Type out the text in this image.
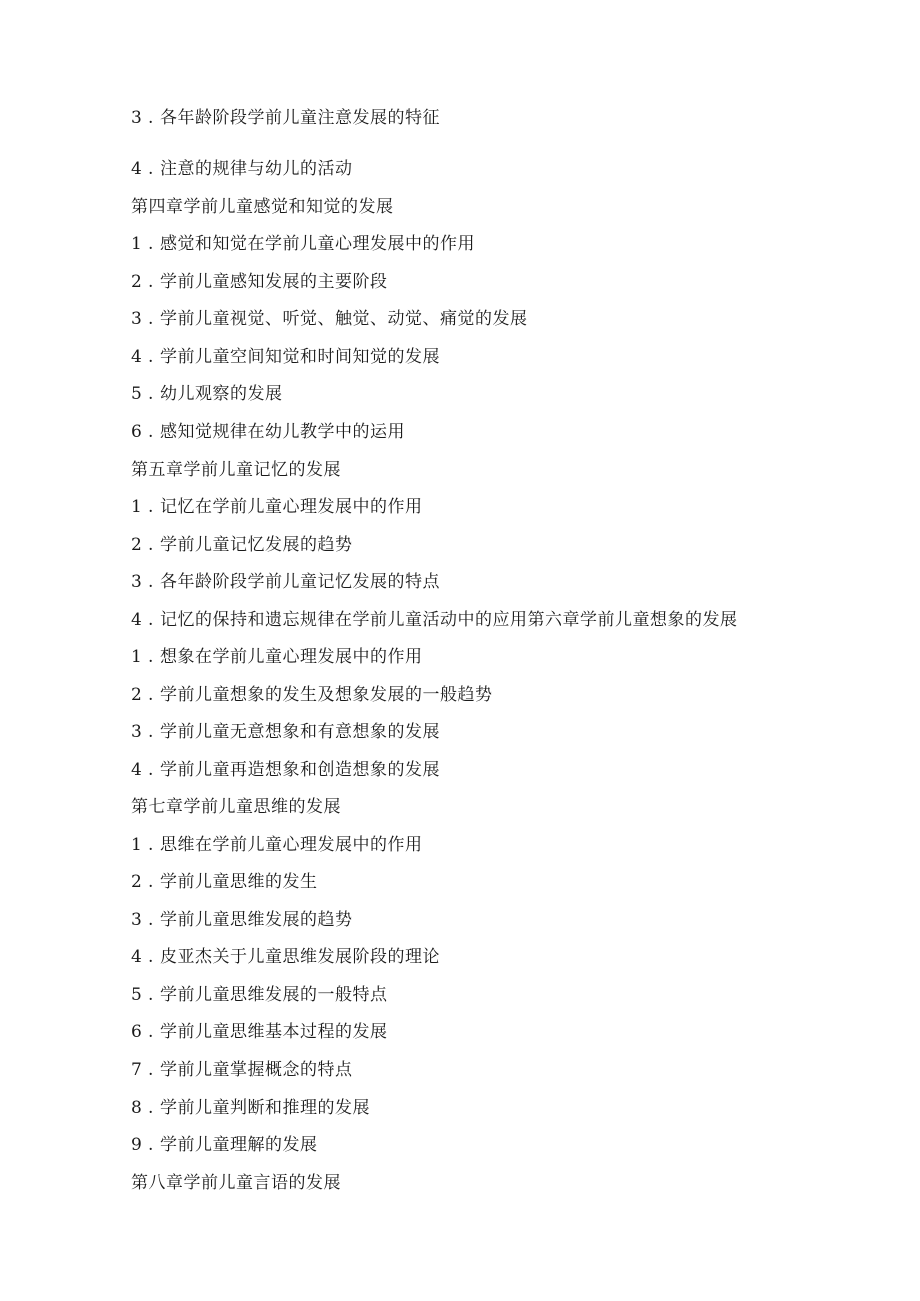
3 . 各年龄阶段学前儿童注意发展的特征
4 . 注意的规律与幼儿的活动
第四章学前儿童感觉和知觉的发展
1 . 感觉和知觉在学前儿童心理发展中的作用
2 . 学前儿童感知发展的主要阶段
3 . 学前儿童视觉、听觉、触觉、动觉、痛觉的发展
4 . 学前儿童空间知觉和时间知觉的发展
5 . 幼儿观察的发展
6 . 感知觉规律在幼儿教学中的运用
第五章学前儿童记忆的发展
1 . 记忆在学前儿童心理发展中的作用
2 . 学前儿童记忆发展的趋势
3 . 各年龄阶段学前儿童记忆发展的特点
4 . 记忆的保持和遗忘规律在学前儿童活动中的应用第六章学前儿童想象的发展
1 . 想象在学前儿童心理发展中的作用
2 . 学前儿童想象的发生及想象发展的一般趋势
3 . 学前儿童无意想象和有意想象的发展
4 . 学前儿童再造想象和创造想象的发展
第七章学前儿童思维的发展
1 . 思维在学前儿童心理发展中的作用
2 . 学前儿童思维的发生
3 . 学前儿童思维发展的趋势
4 . 皮亚杰关于儿童思维发展阶段的理论
5 . 学前儿童思维发展的一般特点
6 . 学前儿童思维基本过程的发展
7 . 学前儿童掌握概念的特点
8 . 学前儿童判断和推理的发展
9 . 学前儿童理解的发展
第八章学前儿童言语的发展
